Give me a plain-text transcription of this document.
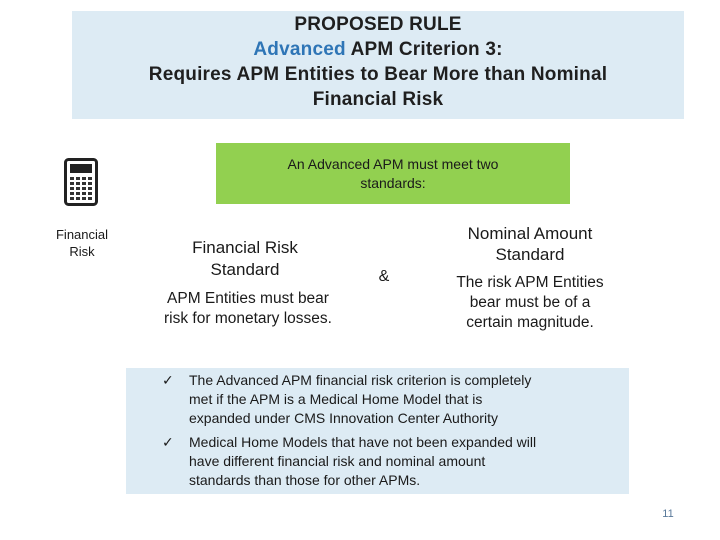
PROPOSED RULE
Advanced APM Criterion 3:
Requires APM Entities to Bear More than Nominal
Financial Risk
An Advanced APM must meet two
standards:
Financial
Risk	Financial Risk
Standard
APM Entities must bear
risk for monetary losses.
&
Nominal Amount
Standard
The risk APM Entities
bear must be of a
certain magnitude.
✓ The Advanced APM financial risk criterion is completely
met if the APM is a Medical Home Model that is
expanded under CMS Innovation Center Authority
✓ Medical Home Models that have not been expanded will
have different financial risk and nominal amount
standards than those for other APMs.
11
